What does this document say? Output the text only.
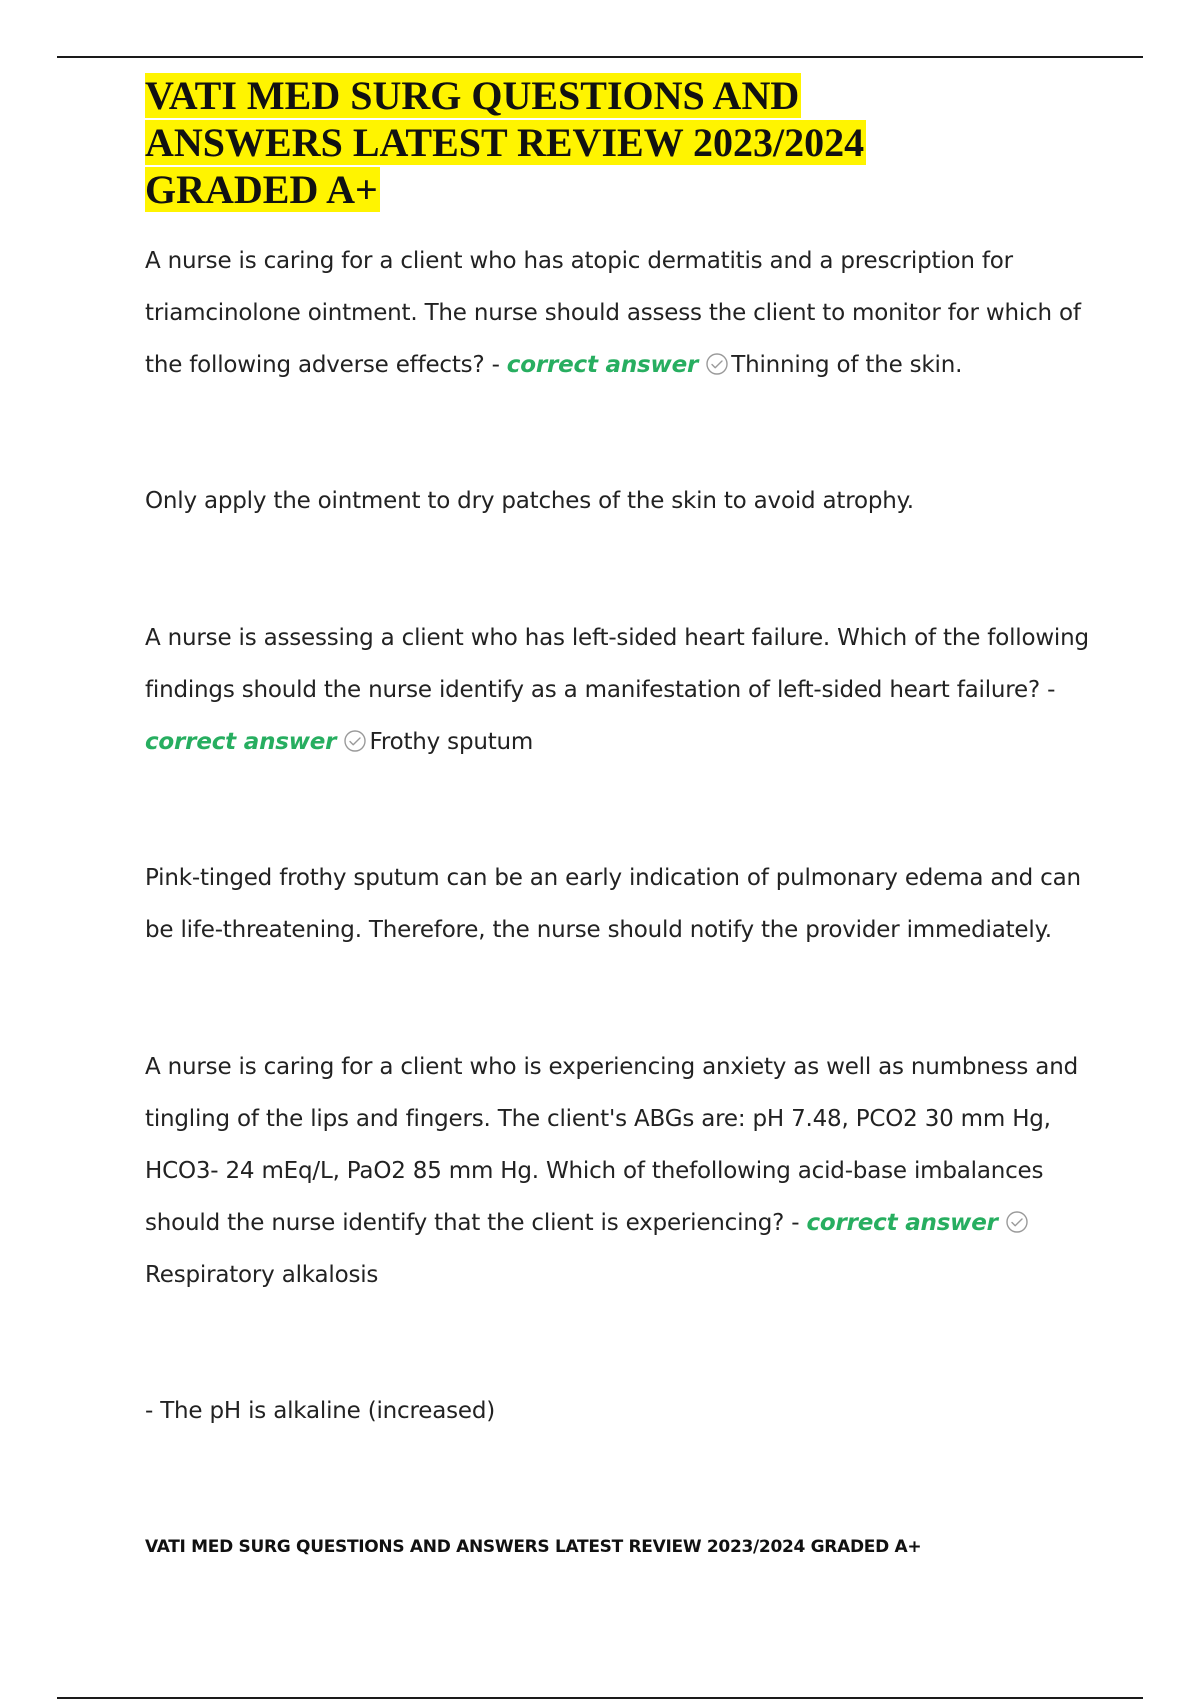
VATI MED SURG QUESTIONS AND ANSWERS LATEST REVIEW 2023/2024 GRADED A+

A nurse is caring for a client who has atopic dermatitis and a prescription for triamcinolone ointment. The nurse should assess the client to monitor for which of the following adverse effects? - correct answer Thinning of the skin.

Only apply the ointment to dry patches of the skin to avoid atrophy.

A nurse is assessing a client who has left-sided heart failure. Which of the following findings should the nurse identify as a manifestation of left-sided heart failure? - correct answer Frothy sputum

Pink-tinged frothy sputum can be an early indication of pulmonary edema and can be life-threatening. Therefore, the nurse should notify the provider immediately.

A nurse is caring for a client who is experiencing anxiety as well as numbness and tingling of the lips and fingers. The client's ABGs are: pH 7.48, PCO2 30 mm Hg, HCO3- 24 mEq/L, PaO2 85 mm Hg. Which of thefollowing acid-base imbalances should the nurse identify that the client is experiencing? - correct answer Respiratory alkalosis

- The pH is alkaline (increased)

VATI MED SURG QUESTIONS AND ANSWERS LATEST REVIEW 2023/2024 GRADED A+
